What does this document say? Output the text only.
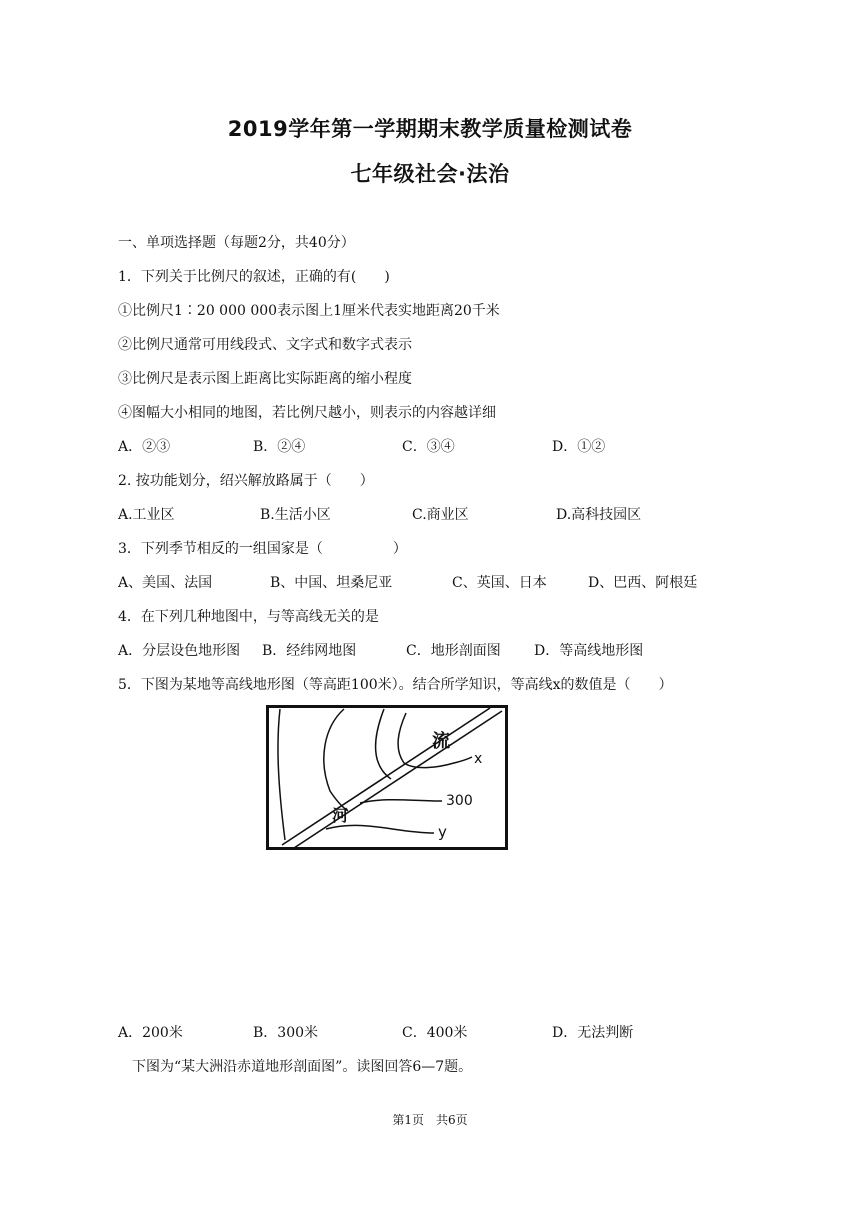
2019学年第一学期期末教学质量检测试卷
七年级社会·法治
一、单项选择题（每题2分，共40分）
1．下列关于比例尺的叙述，正确的有(　　)
①比例尺1∶20 000 000表示图上1厘米代表实地距离20千米
②比例尺通常可用线段式、文字式和数字式表示
③比例尺是表示图上距离比实际距离的缩小程度
④图幅大小相同的地图，若比例尺越小，则表示的内容越详细
A．②③	B．②④	C．③④	D．①②
2. 按功能划分，绍兴解放路属于（　　）
A.工业区	B.生活小区	C.商业区	D.高科技园区
3．下列季节相反的一组国家是（　　　　　）
A、美国、法国	B、中国、坦桑尼亚	C、英国、日本	D、巴西、阿根廷
4．在下列几种地图中，与等高线无关的是
A．分层设色地形图 B．经纬网地图	C．地形剖面图 D．等高线地形图
5．下图为某地等高线地形图（等高距100米）。结合所学知识，等高线x的数值是（　　）
流
河
x
300
y
A．200米	B．300米	C．400米	D．无法判断
下图为“某大洲沿赤道地形剖面图”。读图回答6—7题。
第1页　共6页
